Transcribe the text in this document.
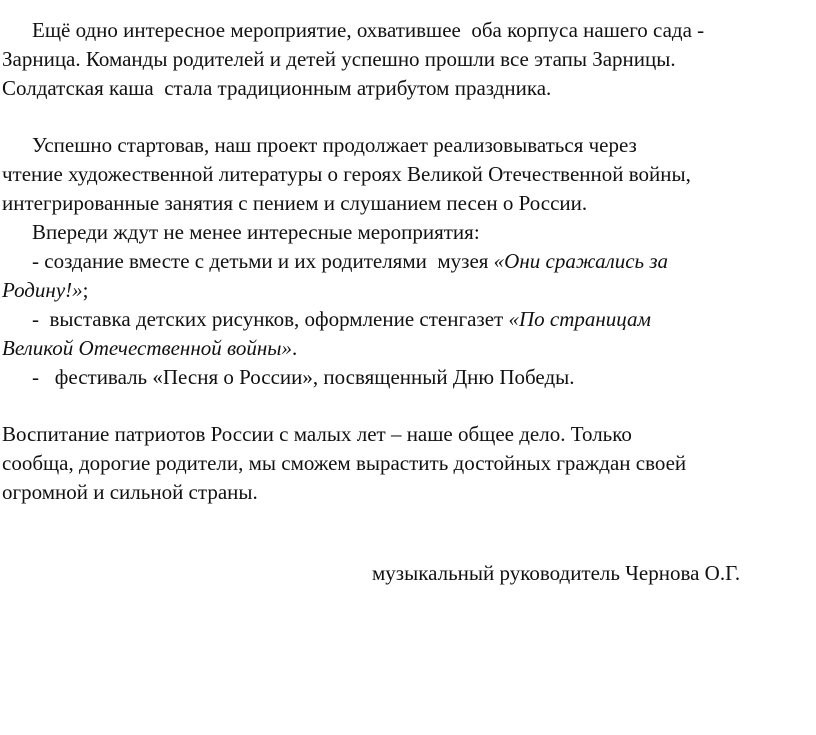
Ещё одно интересное мероприятие, охватившее  оба корпуса нашего сада -
Зарница. Команды родителей и детей успешно прошли все этапы Зарницы.
Солдатская каша  стала традиционным атрибутом праздника.
Успешно стартовав, наш проект продолжает реализовываться через
чтение художественной литературы о героях Великой Отечественной войны,
интегрированные занятия с пением и слушанием песен о России.
Впереди ждут не менее интересные мероприятия:
- создание вместе с детьми и их родителями  музея «Они сражались за
Родину!»;
-  выставка детских рисунков, оформление стенгазет «По страницам
Великой Отечественной войны».
-   фестиваль «Песня о России», посвященный Дню Победы.
Воспитание патриотов России с малых лет – наше общее дело. Только
сообща, дорогие родители, мы сможем вырастить достойных граждан своей
огромной и сильной страны.
музыкальный руководитель Чернова О.Г.
